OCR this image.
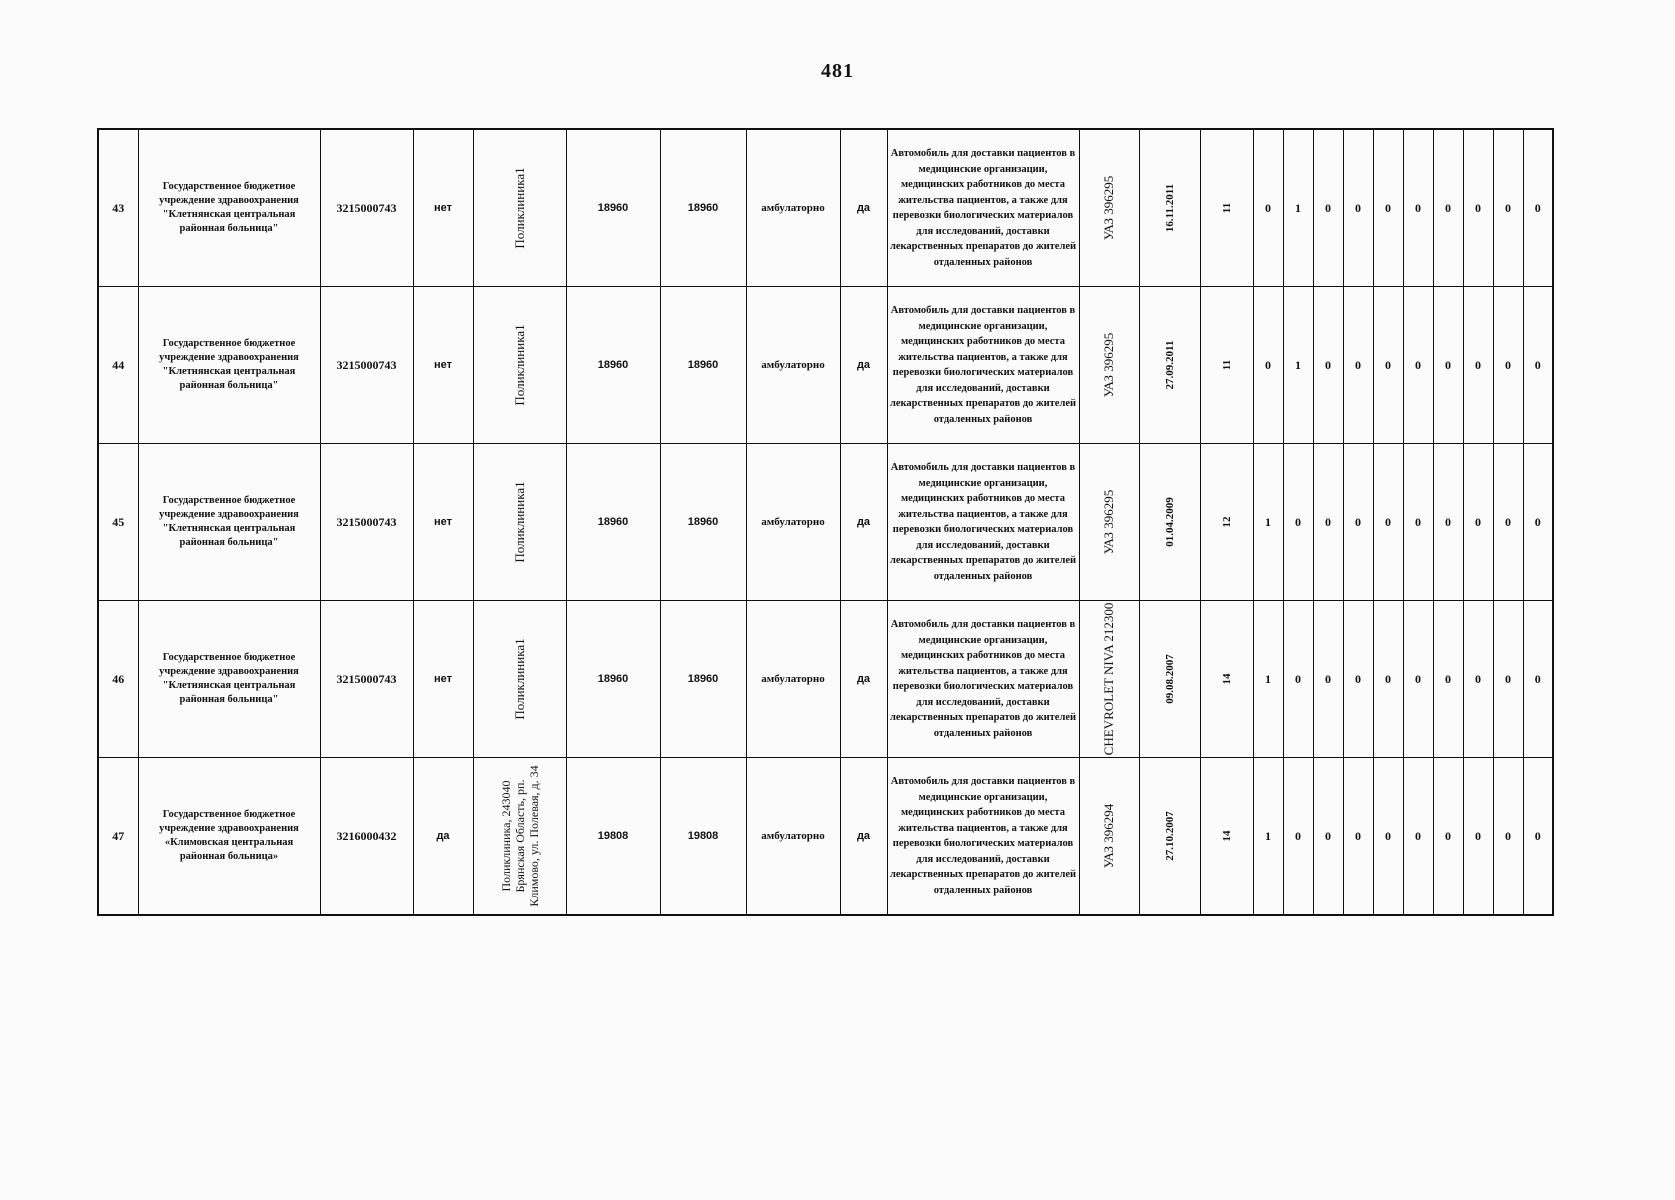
481
43	Государственное бюджетное учреждение здравоохранения "Клетнянская центральная районная больница"	3215000743	нет	Поликлиника1	18960	18960	амбулаторно	да	Автомобиль для доставки пациентов в медицинские организации, медицинских работников до места жительства пациентов, а также для перевозки биологических материалов для исследований, доставки лекарственных препаратов до жителей отдаленных районов	УАЗ 396295	16.11.2011	11	0	1	0	0	0	0	0	0	0	0
44	Государственное бюджетное учреждение здравоохранения "Клетнянская центральная районная больница"	3215000743	нет	Поликлиника1	18960	18960	амбулаторно	да	Автомобиль для доставки пациентов в медицинские организации, медицинских работников до места жительства пациентов, а также для перевозки биологических материалов для исследований, доставки лекарственных препаратов до жителей отдаленных районов	УАЗ 396295	27.09.2011	11	0	1	0	0	0	0	0	0	0	0
45	Государственное бюджетное учреждение здравоохранения "Клетнянская центральная районная больница"	3215000743	нет	Поликлиника1	18960	18960	амбулаторно	да	Автомобиль для доставки пациентов в медицинские организации, медицинских работников до места жительства пациентов, а также для перевозки биологических материалов для исследований, доставки лекарственных препаратов до жителей отдаленных районов	УАЗ 396295	01.04.2009	12	1	0	0	0	0	0	0	0	0	0
46	Государственное бюджетное учреждение здравоохранения "Клетнянская центральная районная больница"	3215000743	нет	Поликлиника1	18960	18960	амбулаторно	да	Автомобиль для доставки пациентов в медицинские организации, медицинских работников до места жительства пациентов, а также для перевозки биологических материалов для исследований, доставки лекарственных препаратов до жителей отдаленных районов	CHEVROLET NIVA 212300	09.08.2007	14	1	0	0	0	0	0	0	0	0	0
47	Государственное бюджетное учреждение здравоохранения «Климовская центральная районная больница»	3216000432	да	Поликлиника, 243040 Брянская Область, рп. Климово, ул. Полевая, д. 34	19808	19808	амбулаторно	да	Автомобиль для доставки пациентов в медицинские организации, медицинских работников до места жительства пациентов, а также для перевозки биологических материалов для исследований, доставки лекарственных препаратов до жителей отдаленных районов	УАЗ 396294	27.10.2007	14	1	0	0	0	0	0	0	0	0	0
